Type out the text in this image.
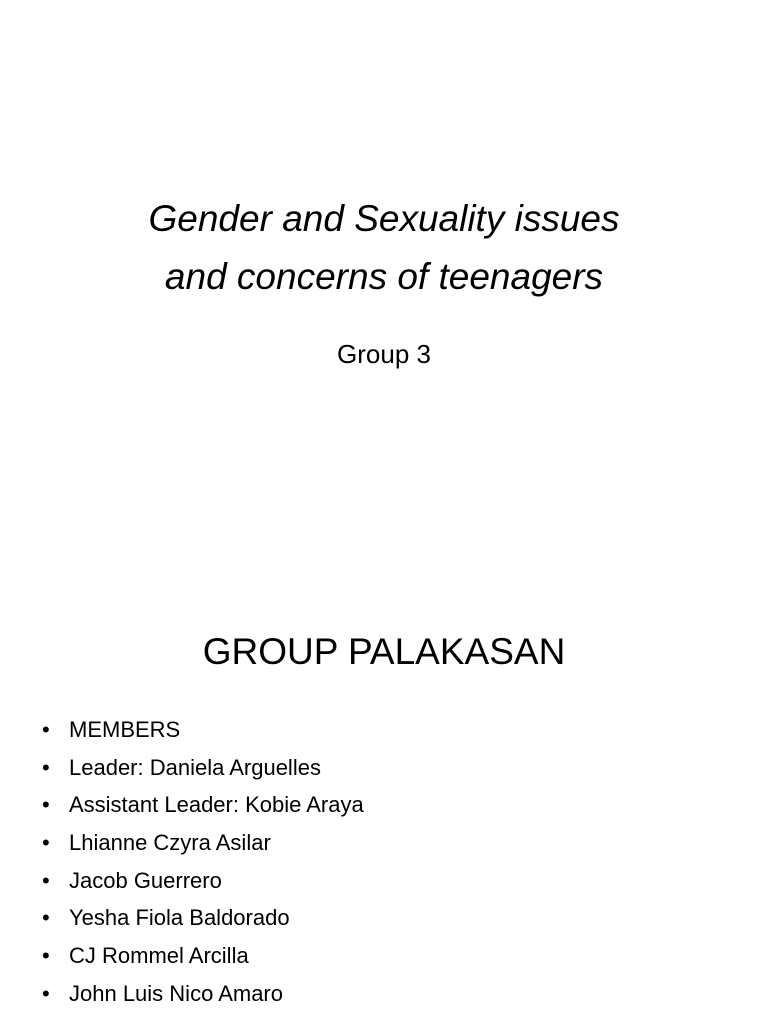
Gender and Sexuality issues
and concerns of teenagers
Group 3
GROUP PALAKASAN
• MEMBERS
• Leader: Daniela Arguelles
• Assistant Leader: Kobie Araya
• Lhianne Czyra Asilar
• Jacob Guerrero
• Yesha Fiola Baldorado
• CJ Rommel Arcilla
• John Luis Nico Amaro
